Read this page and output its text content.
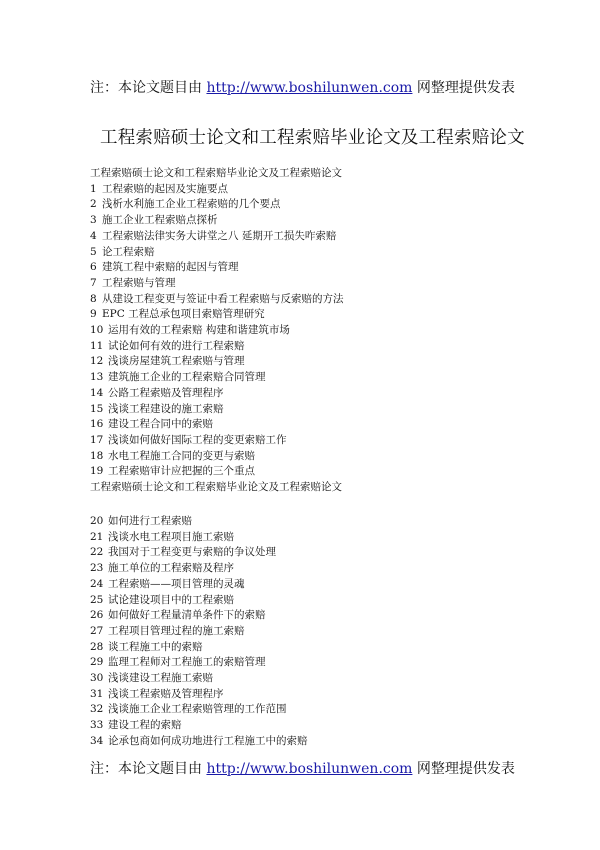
注：本论文题目由 http://www.boshilunwen.com 网整理提供发表
工程索赔硕士论文和工程索赔毕业论文及工程索赔论文
工程索赔硕士论文和工程索赔毕业论文及工程索赔论文
1 工程索赔的起因及实施要点
2 浅析水利施工企业工程索赔的几个要点
3 施工企业工程索赔点探析
4 工程索赔法律实务大讲堂之八 延期开工损失咋索赔
5 论工程索赔
6 建筑工程中索赔的起因与管理
7 工程索赔与管理
8 从建设工程变更与签证中看工程索赔与反索赔的方法
9 EPC 工程总承包项目索赔管理研究
10 运用有效的工程索赔 构建和谐建筑市场
11 试论如何有效的进行工程索赔
12 浅谈房屋建筑工程索赔与管理
13 建筑施工企业的工程索赔合同管理
14 公路工程索赔及管理程序
15 浅谈工程建设的施工索赔
16 建设工程合同中的索赔
17 浅谈如何做好国际工程的变更索赔工作
18 水电工程施工合同的变更与索赔
19 工程索赔审计应把握的三个重点
工程索赔硕士论文和工程索赔毕业论文及工程索赔论文
20 如何进行工程索赔
21 浅谈水电工程项目施工索赔
22 我国对于工程变更与索赔的争议处理
23 施工单位的工程索赔及程序
24 工程索赔——项目管理的灵魂
25 试论建设项目中的工程索赔
26 如何做好工程量清单条件下的索赔
27 工程项目管理过程的施工索赔
28 谈工程施工中的索赔
29 监理工程师对工程施工的索赔管理
30 浅谈建设工程施工索赔
31 浅谈工程索赔及管理程序
32 浅谈施工企业工程索赔管理的工作范围
33 建设工程的索赔
34 论承包商如何成功地进行工程施工中的索赔
注：本论文题目由 http://www.boshilunwen.com 网整理提供发表
